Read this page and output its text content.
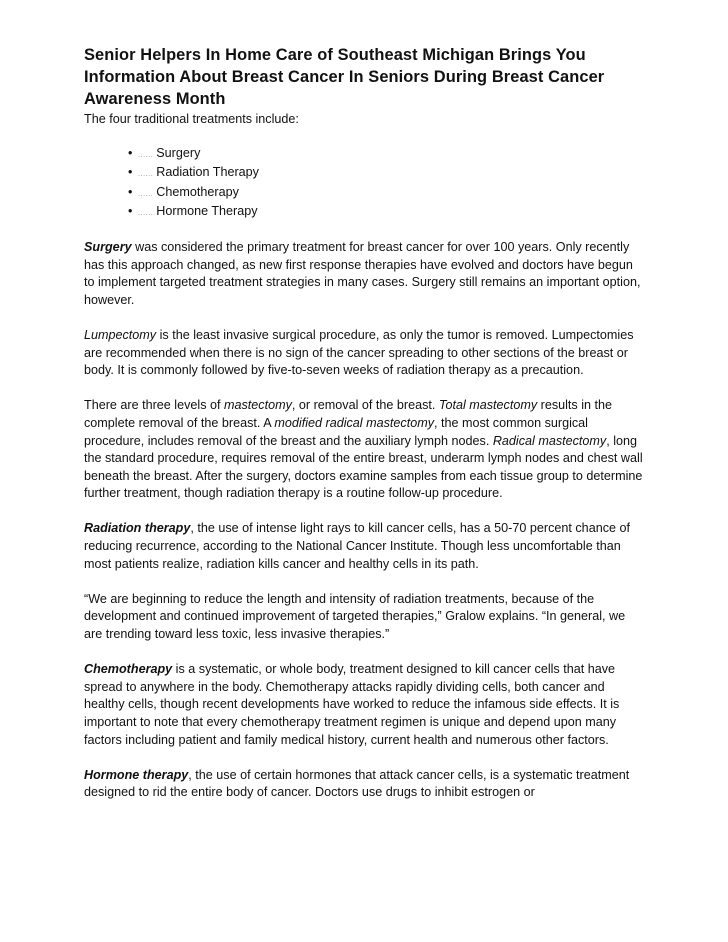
Senior Helpers In Home Care of Southeast Michigan Brings You Information About Breast Cancer In Seniors During Breast Cancer Awareness Month

The four traditional treatments include:

• ...... Surgery
• ...... Radiation Therapy
• ...... Chemotherapy
• ...... Hormone Therapy

Surgery was considered the primary treatment for breast cancer for over 100 years. Only recently has this approach changed, as new first response therapies have evolved and doctors have begun to implement targeted treatment strategies in many cases. Surgery still remains an important option, however.

Lumpectomy is the least invasive surgical procedure, as only the tumor is removed. Lumpectomies are recommended when there is no sign of the cancer spreading to other sections of the breast or body. It is commonly followed by five-to-seven weeks of radiation therapy as a precaution.

There are three levels of mastectomy, or removal of the breast. Total mastectomy results in the complete removal of the breast. A modified radical mastectomy, the most common surgical procedure, includes removal of the breast and the auxiliary lymph nodes. Radical mastectomy, long the standard procedure, requires removal of the entire breast, underarm lymph nodes and chest wall beneath the breast. After the surgery, doctors examine samples from each tissue group to determine further treatment, though radiation therapy is a routine follow-up procedure.

Radiation therapy, the use of intense light rays to kill cancer cells, has a 50-70 percent chance of reducing recurrence, according to the National Cancer Institute. Though less uncomfortable than most patients realize, radiation kills cancer and healthy cells in its path.

“We are beginning to reduce the length and intensity of radiation treatments, because of the development and continued improvement of targeted therapies,” Gralow explains. “In general, we are trending toward less toxic, less invasive therapies.”

Chemotherapy is a systematic, or whole body, treatment designed to kill cancer cells that have spread to anywhere in the body. Chemotherapy attacks rapidly dividing cells, both cancer and healthy cells, though recent developments have worked to reduce the infamous side effects. It is important to note that every chemotherapy treatment regimen is unique and depend upon many factors including patient and family medical history, current health and numerous other factors.

Hormone therapy, the use of certain hormones that attack cancer cells, is a systematic treatment designed to rid the entire body of cancer. Doctors use drugs to inhibit estrogen or
